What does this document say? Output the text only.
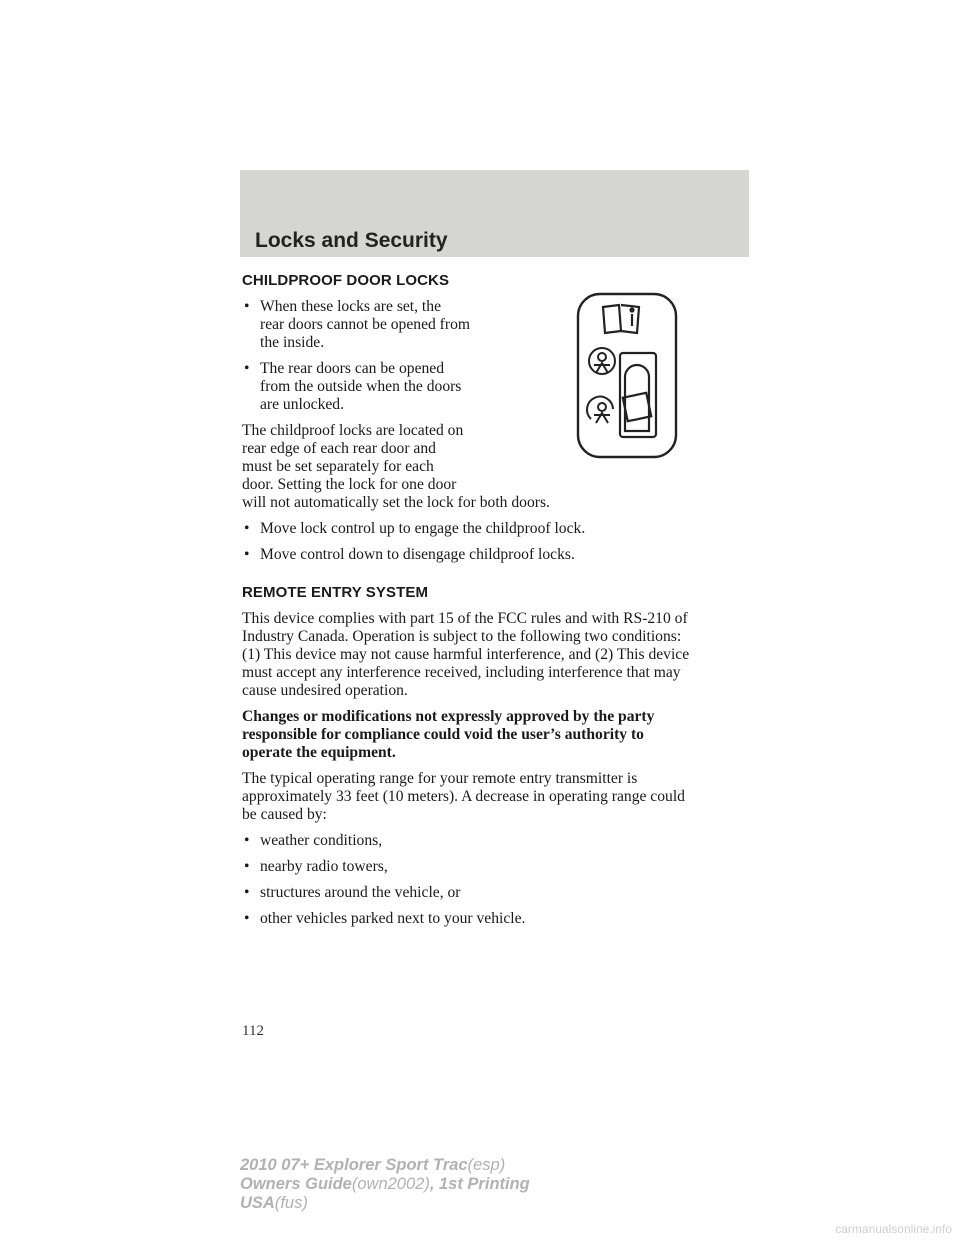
Locks and Security

CHILDPROOF DOOR LOCKS

• When these locks are set, the
rear doors cannot be opened from
the inside.
• The rear doors can be opened
from the outside when the doors
are unlocked.
The childproof locks are located on
rear edge of each rear door and
must be set separately for each
door. Setting the lock for one door
will not automatically set the lock for both doors.
• Move lock control up to engage the childproof lock.
• Move control down to disengage childproof locks.

REMOTE ENTRY SYSTEM

This device complies with part 15 of the FCC rules and with RS-210 of
Industry Canada. Operation is subject to the following two conditions:
(1) This device may not cause harmful interference, and (2) This device
must accept any interference received, including interference that may
cause undesired operation.
Changes or modifications not expressly approved by the party
responsible for compliance could void the user’s authority to
operate the equipment.
The typical operating range for your remote entry transmitter is
approximately 33 feet (10 meters). A decrease in operating range could
be caused by:
• weather conditions,
• nearby radio towers,
• structures around the vehicle, or
• other vehicles parked next to your vehicle.
112
2010 07+ Explorer Sport Trac(esp)
Owners Guide(own2002), 1st Printing
USA(fus)
carmanualsonline.info
